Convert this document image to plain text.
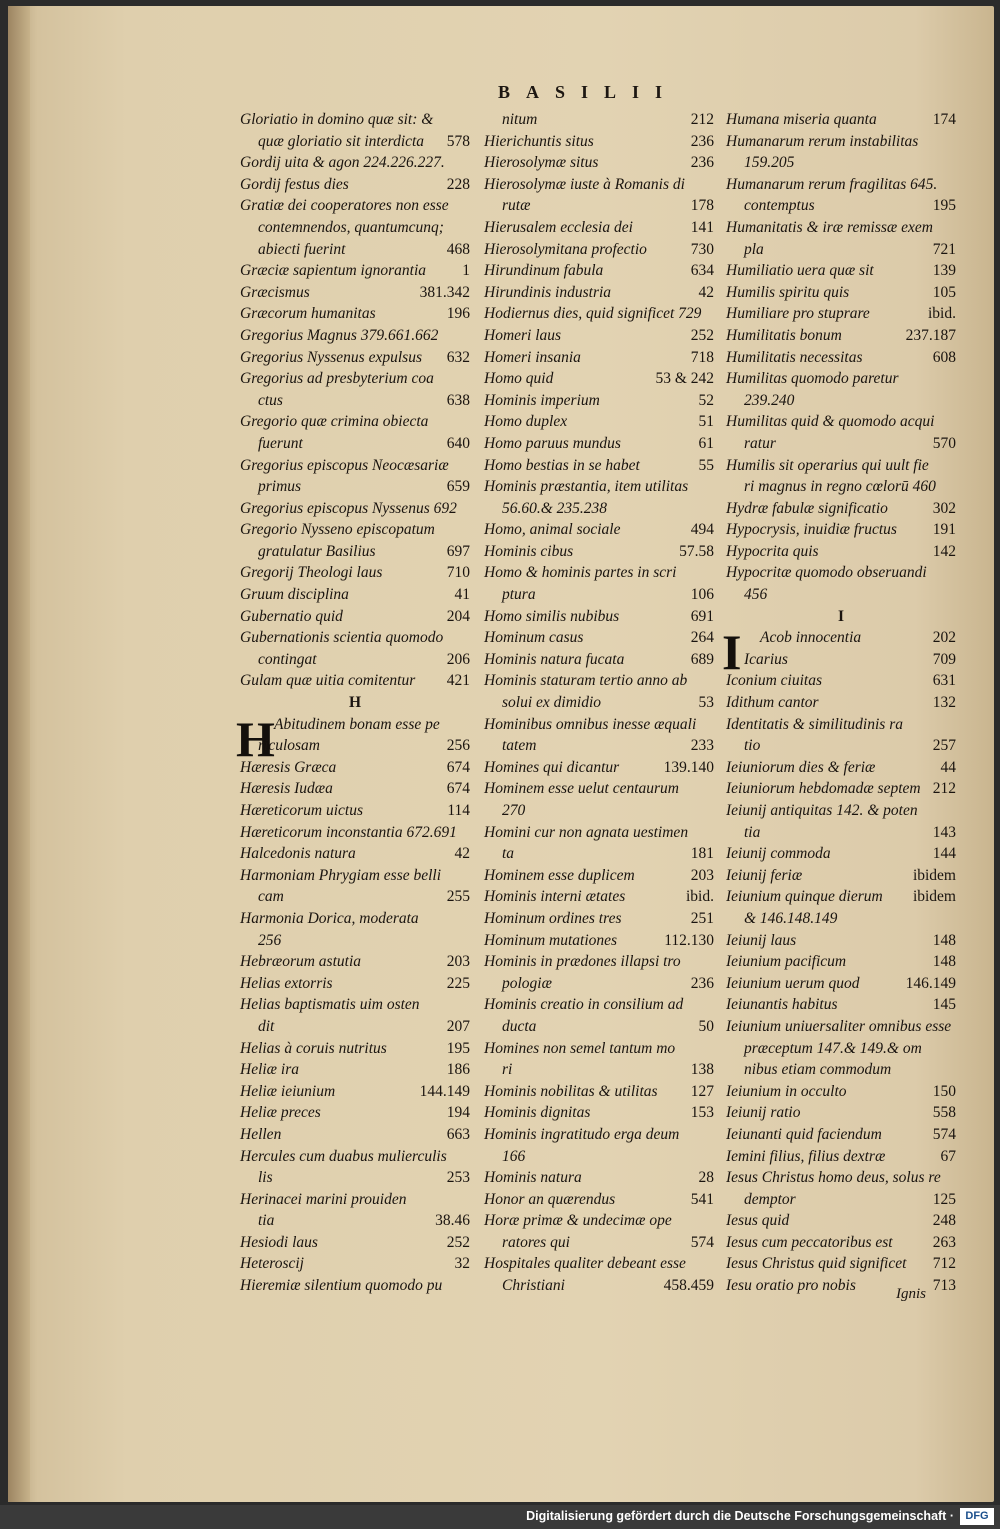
BASILII
Gloriatio in domino quæ sit: &
quæ gloriatio sit interdicta 578
Gordij uita & agon 224.226.227.
Gordij festus dies	228
Gratiæ dei cooperatores non esse
contemnendos, quantumcunq;
abiecti fuerint	468
Græciæ sapientum ignorantia 1
Græcismus	381.342
Græcorum humanitas	196
Gregorius Magnus 379.661.662
Gregorius Nyssenus expulsus 632
Gregorius ad presbyterium coa
ctus	638
Gregorio quæ crimina obiecta
fuerunt	640
Gregorius episcopus Neocæsariæ
primus	659
Gregorius episcopus Nyssenus 692
Gregorio Nysseno episcopatum
gratulatur Basilius	697
Gregorij Theologi laus	710
Gruum disciplina	41
Gubernatio quid	204
Gubernationis scientia quomodo
contingat	206
Gulam quæ uitia comitentur 421
H
H Abitudinem bonam esse pe
riculosam	256
Hæresis Græca	674
Hæresis Iudæa	674
Hæreticorum uictus	114
Hæreticorum inconstantia 672.691
Halcedonis natura	42
Harmoniam Phrygiam esse belli
cam	255
Harmonia Dorica, moderata
256
Hebræorum astutia	203
Helias extorris	225
Helias baptismatis uim osten
dit	207
Helias à coruis nutritus	195
Heliæ ira	186
Heliæ ieiunium	144.149
Heliæ preces	194
Hellen	663
Hercules cum duabus mulierculis
lis	253
Herinacei marini prouiden
tia	38.46
Hesiodi laus	252
Heteroscij	32
Hieremiæ silentium quomodo pu
nitum	212
Hierichuntis situs	236
Hierosolymæ situs	236
Hierosolymæ iuste à Romanis di
rutæ	178
Hierusalem ecclesia dei	141
Hierosolymitana profectio	730
Hirundinum fabula	634
Hirundinis industria	42
Hodiernus dies, quid significet 729
Homeri laus	252
Homeri insania	718
Homo quid	53 & 242
Hominis imperium	52
Homo duplex	51
Homo paruus mundus	61
Homo bestias in se habet	55
Hominis præstantia, item utilitas
56.60.& 235.238
Homo, animal sociale	494
Hominis cibus	57.58
Homo & hominis partes in scri
ptura	106
Homo similis nubibus	691
Hominum casus	264
Hominis natura fucata	689
Hominis staturam tertio anno ab
solui ex dimidio	53
Hominibus omnibus inesse æquali
tatem	233
Homines qui dicantur	139.140
Hominem esse uelut centaurum
270
Homini cur non agnata uestimen
ta	181
Hominem esse duplicem	203
Hominis interni ætates	ibid.
Hominum ordines tres	251
Hominum mutationes	112.130
Hominis in prædones illapsi tro
pologiæ	236
Hominis creatio in consilium ad
ducta	50
Homines non semel tantum mo
ri	138
Hominis nobilitas & utilitas 127
Hominis dignitas	153
Hominis ingratitudo erga deum
166
Hominis natura	28
Honor an quærendus	541
Horæ primæ & undecimæ ope
ratores qui	574
Hospitales qualiter debeant esse
Christiani	458.459
Humana miseria quanta	174
Humanarum rerum instabilitas
159.205
Humanarum rerum fragilitas 645.
contemptus	195
Humanitatis & iræ remissæ exem
pla	721
Humiliatio uera quæ sit	139
Humilis spiritu quis	105
Humiliare pro stuprare	ibid.
Humilitatis bonum	237.187
Humilitatis necessitas	608
Humilitas quomodo paretur
239.240
Humilitas quid & quomodo acqui
ratur	570
Humilis sit operarius qui uult fie
ri magnus in regno cœlorū 460
Hydræ fabulæ significatio	302
Hypocrysis, inuidiæ fructus 191
Hypocrita quis	142
Hypocritæ quomodo obseruandi
456
I
I Acob innocentia	202
Icarius	709
Iconium ciuitas	631
Idithum cantor	132
Identitatis & similitudinis ra
tio	257
Ieiuniorum dies & feriæ	44
Ieiuniorum hebdomadæ septem 212
Ieiunij antiquitas 142. & poten
tia	143
Ieiunij commoda	144
Ieiunij feriæ	ibidem
Ieiunium quinque dierum ibidem
& 146.148.149
Ieiunij laus	148
Ieiunium pacificum	148
Ieiunium uerum quod	146.149
Ieiunantis habitus	145
Ieiunium uniuersaliter omnibus esse
præceptum 147.& 149.& om
nibus etiam commodum
Ieiunium in occulto	150
Ieiunij ratio	558
Ieiunanti quid faciendum	574
Iemini filius, filius dextræ	67
Iesus Christus homo deus, solus re
demptor	125
Iesus quid	248
Iesus cum peccatoribus est	263
Iesus Christus quid significet 712
Iesu oratio pro nobis	713
Ignis
Digitalisierung gefördert durch die Deutsche Forschungsgemeinschaft ·	DFG
